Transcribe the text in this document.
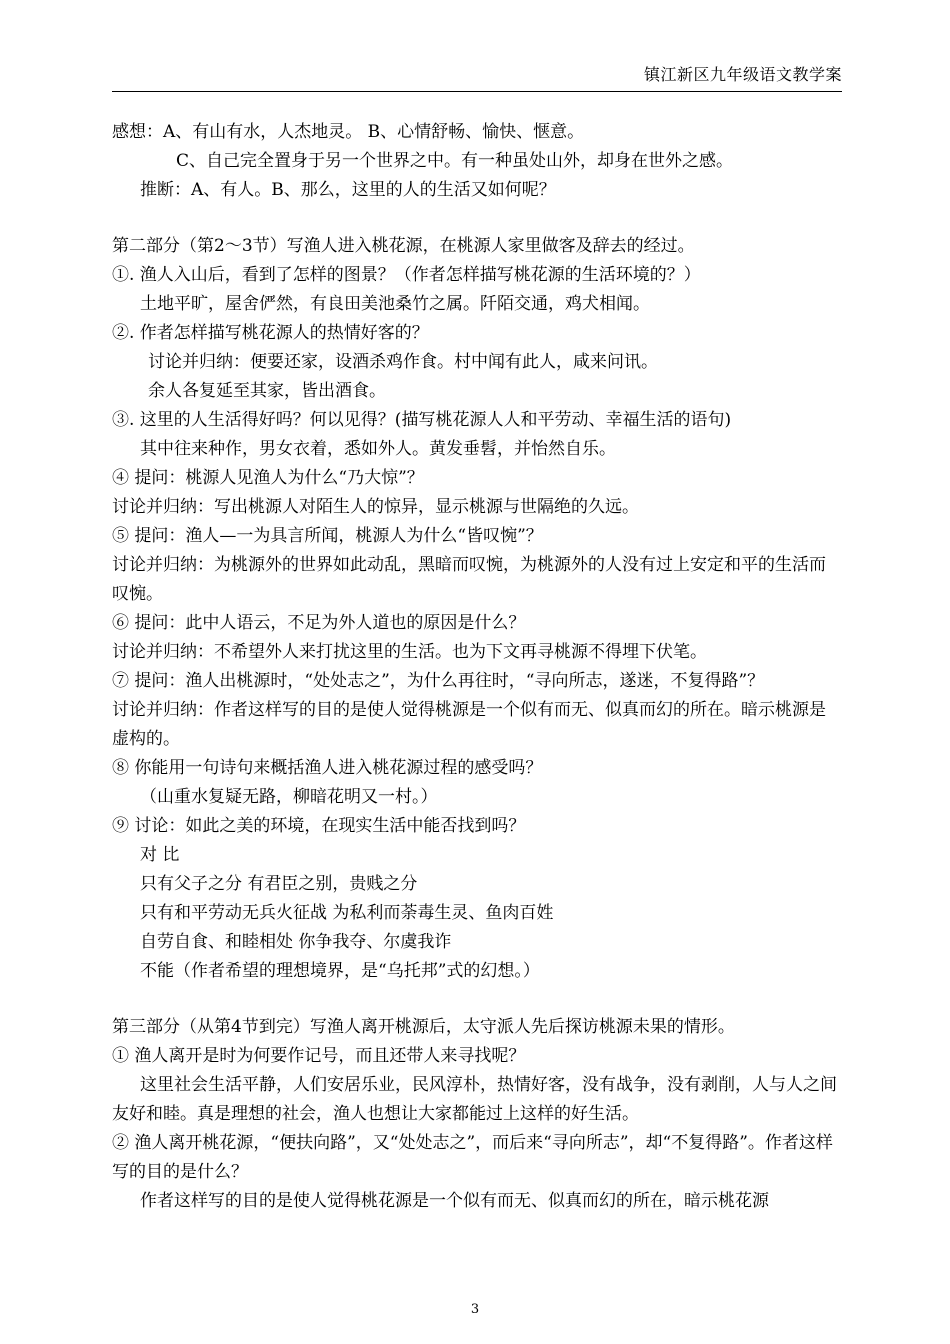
镇江新区九年级语文教学案
感想：A、有山有水，人杰地灵。 B、心情舒畅、愉快、惬意。
C、自己完全置身于另一个世界之中。有一种虽处山外，却身在世外之感。
推断：A、有人。B、那么，这里的人的生活又如何呢？
第二部分（第2～3节）写渔人进入桃花源，在桃源人家里做客及辞去的经过。
①. 渔人入山后，看到了怎样的图景？（作者怎样描写桃花源的生活环境的？）
土地平旷，屋舍俨然，有良田美池桑竹之属。阡陌交通，鸡犬相闻。
②. 作者怎样描写桃花源人的热情好客的？
讨论并归纳：便要还家，设酒杀鸡作食。村中闻有此人，咸来问讯。
余人各复延至其家，皆出酒食。
③. 这里的人生活得好吗？何以见得？(描写桃花源人人和平劳动、幸福生活的语句)
其中往来种作，男女衣着，悉如外人。黄发垂髫，并怡然自乐。
④ 提问：桃源人见渔人为什么“乃大惊”？
讨论并归纳：写出桃源人对陌生人的惊异，显示桃源与世隔绝的久远。
⑤ 提问：渔人—一为具言所闻，桃源人为什么“皆叹惋”？
讨论并归纳：为桃源外的世界如此动乱，黑暗而叹惋，为桃源外的人没有过上安定和平的生活而叹惋。
⑥ 提问：此中人语云，不足为外人道也的原因是什么？
讨论并归纳：不希望外人来打扰这里的生活。也为下文再寻桃源不得埋下伏笔。
⑦ 提问：渔人出桃源时，“处处志之”，为什么再往时，“寻向所志，遂迷，不复得路”？
讨论并归纳：作者这样写的目的是使人觉得桃源是一个似有而无、似真而幻的所在。暗示桃源是虚构的。
⑧ 你能用一句诗句来概括渔人进入桃花源过程的感受吗？
（山重水复疑无路，柳暗花明又一村。）
⑨ 讨论：如此之美的环境，在现实生活中能否找到吗？
对 比
只有父子之分 有君臣之别，贵贱之分
只有和平劳动无兵火征战 为私利而荼毒生灵、鱼肉百姓
自劳自食、和睦相处 你争我夺、尔虞我诈
不能（作者希望的理想境界，是“乌托邦”式的幻想。）
第三部分（从第4节到完）写渔人离开桃源后，太守派人先后探访桃源未果的情形。
① 渔人离开是时为何要作记号，而且还带人来寻找呢？
这里社会生活平静，人们安居乐业，民风淳朴，热情好客，没有战争，没有剥削，人与人之间友好和睦。真是理想的社会，渔人也想让大家都能过上这样的好生活。
② 渔人离开桃花源，“便扶向路”，又“处处志之”，而后来“寻向所志”，却“不复得路”。作者这样写的目的是什么？
作者这样写的目的是使人觉得桃花源是一个似有而无、似真而幻的所在，暗示桃花源
3
